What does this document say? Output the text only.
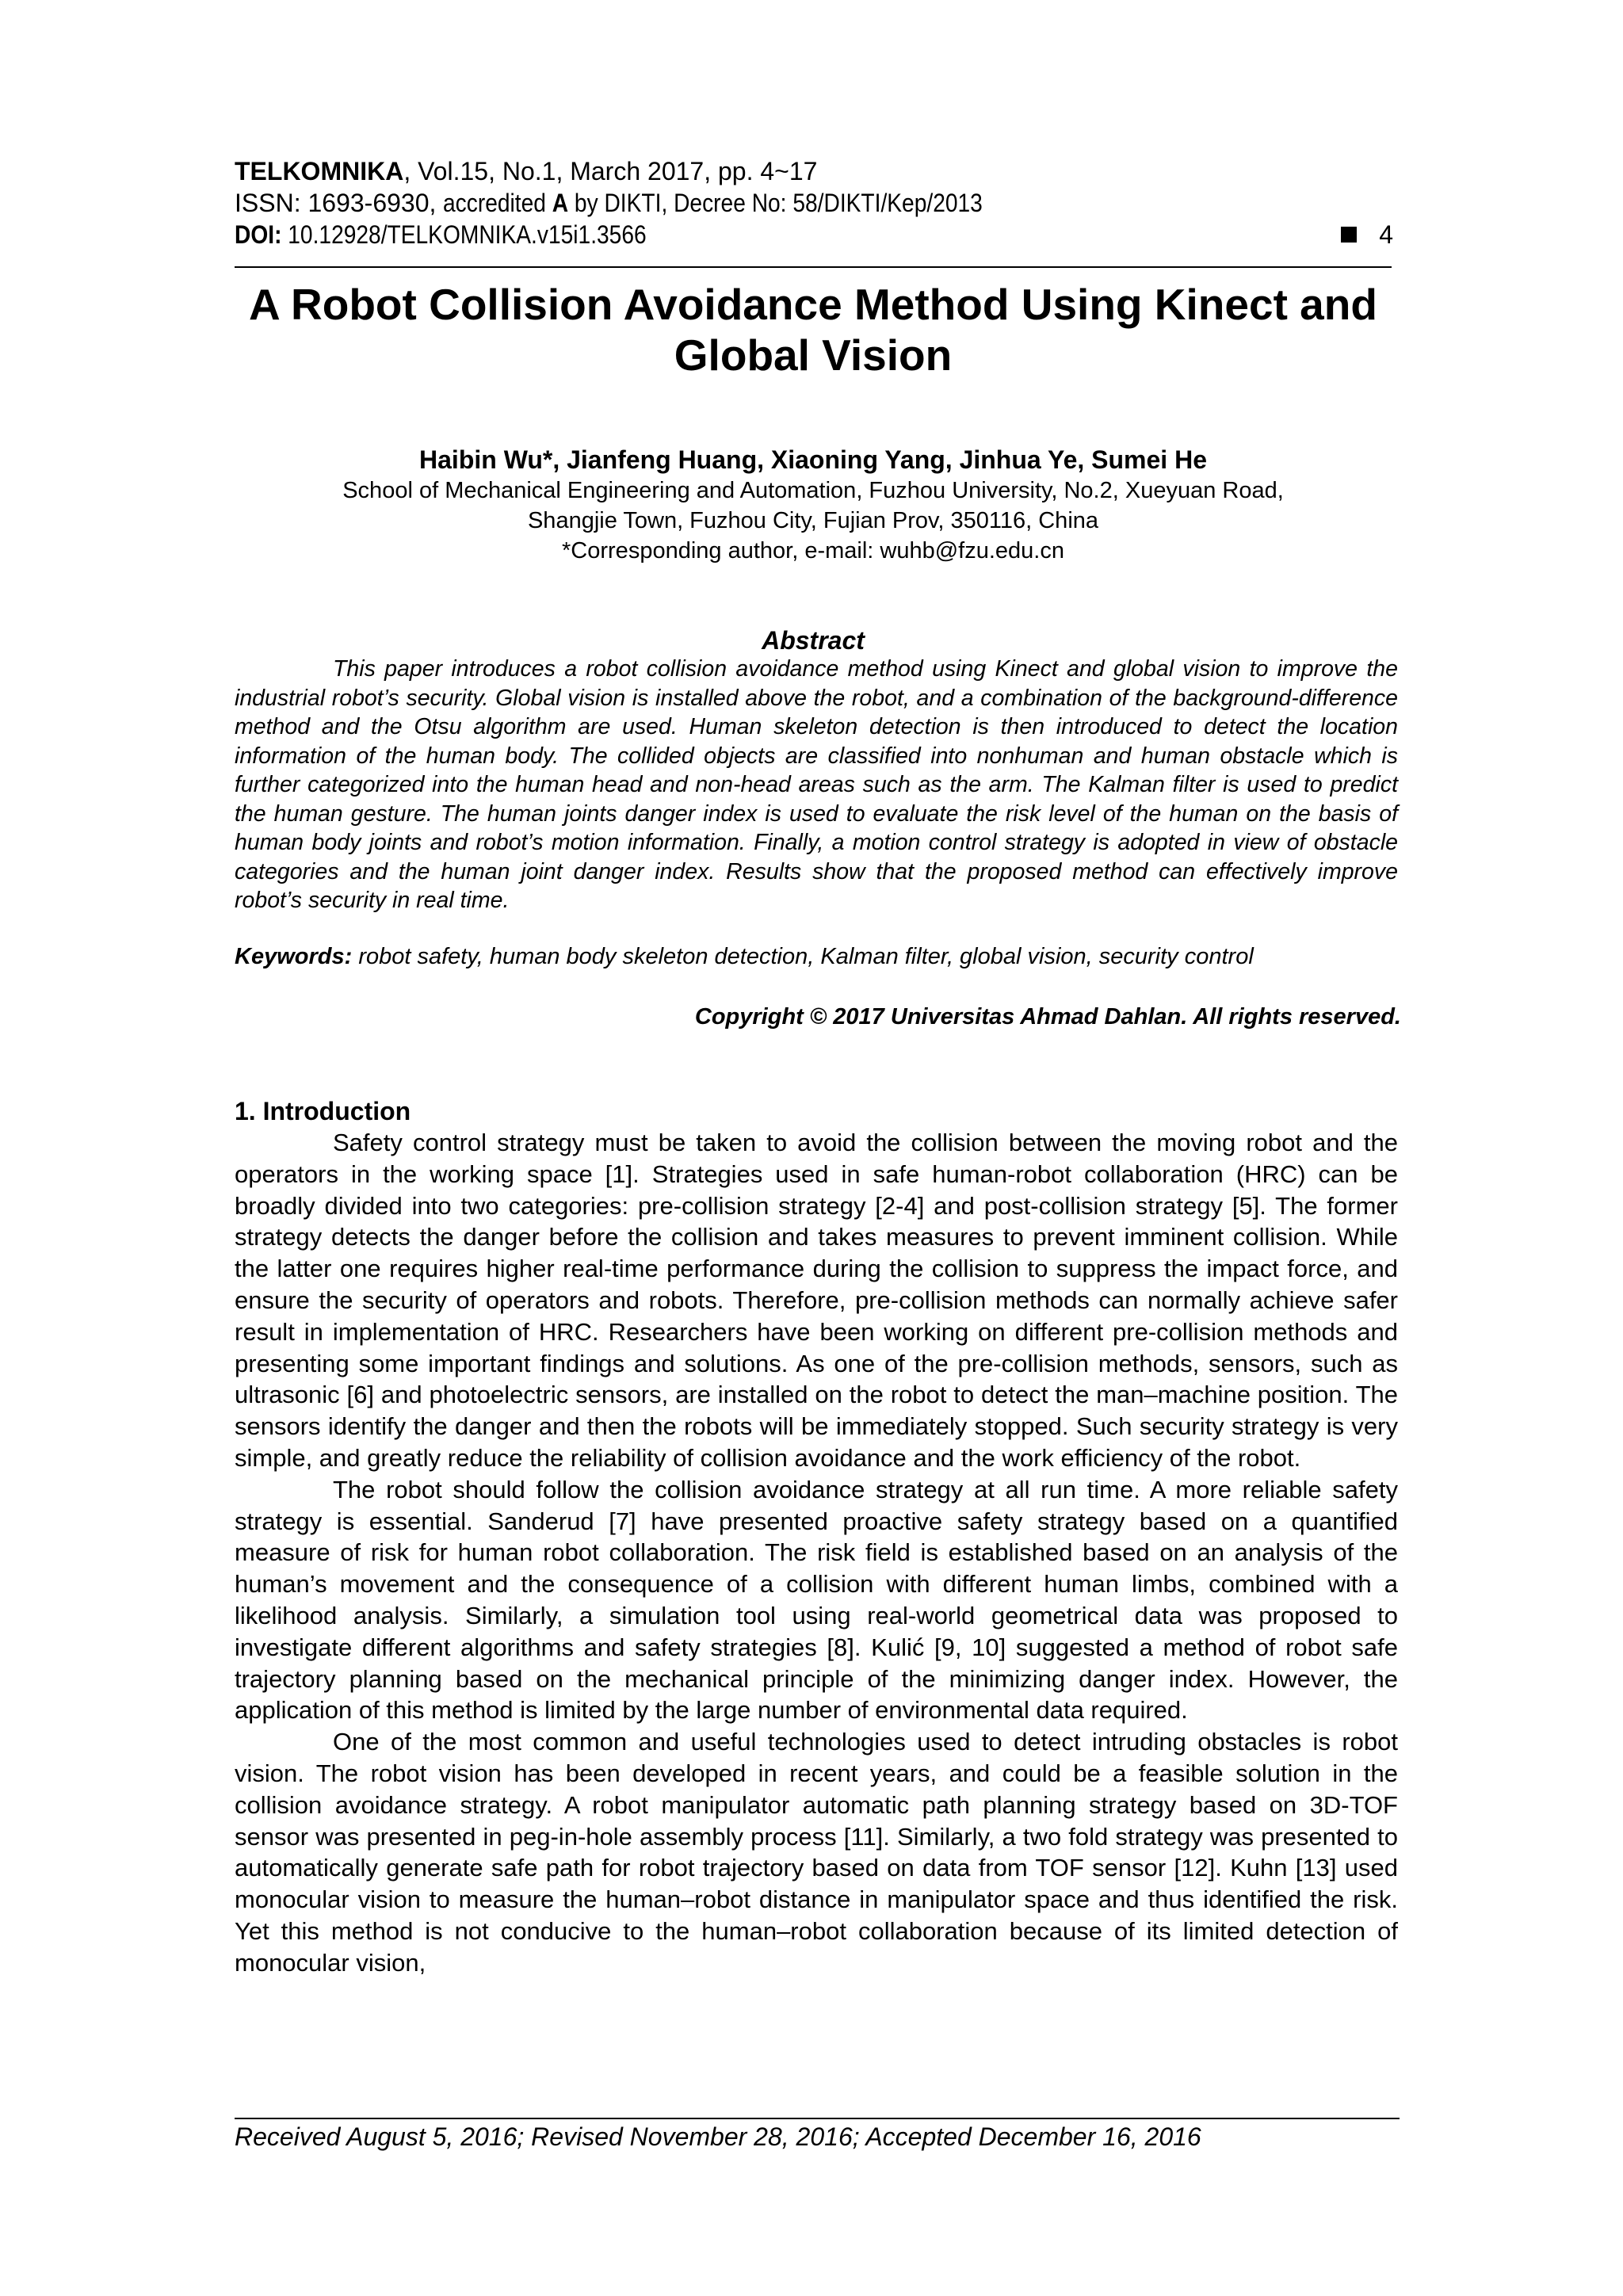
TELKOMNIKA, Vol.15, No.1, March 2017, pp. 4~17
ISSN: 1693-6930, accredited A by DIKTI, Decree No: 58/DIKTI/Kep/2013
DOI: 10.12928/TELKOMNIKA.v15i1.3566	4
A Robot Collision Avoidance Method Using Kinect and Global Vision
Haibin Wu*, Jianfeng Huang, Xiaoning Yang, Jinhua Ye, Sumei He
School of Mechanical Engineering and Automation, Fuzhou University, No.2, Xueyuan Road,
Shangjie Town, Fuzhou City, Fujian Prov, 350116, China
*Corresponding author, e-mail: wuhb@fzu.edu.cn
Abstract
This paper introduces a robot collision avoidance method using Kinect and global vision to improve the industrial robot’s security. Global vision is installed above the robot, and a combination of the background-difference method and the Otsu algorithm are used. Human skeleton detection is then introduced to detect the location information of the human body. The collided objects are classified into nonhuman and human obstacle which is further categorized into the human head and non-head areas such as the arm. The Kalman filter is used to predict the human gesture. The human joints danger index is used to evaluate the risk level of the human on the basis of human body joints and robot’s motion information. Finally, a motion control strategy is adopted in view of obstacle categories and the human joint danger index. Results show that the proposed method can effectively improve robot’s security in real time.
Keywords: robot safety, human body skeleton detection, Kalman filter, global vision, security control
Copyright © 2017 Universitas Ahmad Dahlan. All rights reserved.
1. Introduction

Safety control strategy must be taken to avoid the collision between the moving robot and the operators in the working space [1]. Strategies used in safe human-robot collaboration (HRC) can be broadly divided into two categories: pre-collision strategy [2-4] and post-collision strategy [5]. The former strategy detects the danger before the collision and takes measures to prevent imminent collision. While the latter one requires higher real-time performance during the collision to suppress the impact force, and ensure the security of operators and robots. Therefore, pre-collision methods can normally achieve safer result in implementation of HRC. Researchers have been working on different pre-collision methods and presenting some important findings and solutions. As one of the pre-collision methods, sensors, such as ultrasonic [6] and photoelectric sensors, are installed on the robot to detect the man–machine position. The sensors identify the danger and then the robots will be immediately stopped. Such security strategy is very simple, and greatly reduce the reliability of collision avoidance and the work efficiency of the robot.

The robot should follow the collision avoidance strategy at all run time. A more reliable safety strategy is essential. Sanderud [7] have presented proactive safety strategy based on a quantified measure of risk for human robot collaboration. The risk field is established based on an analysis of the human’s movement and the consequence of a collision with different human limbs, combined with a likelihood analysis. Similarly, a simulation tool using real-world geometrical data was proposed to investigate different algorithms and safety strategies [8]. Kulić [9, 10] suggested a method of robot safe trajectory planning based on the mechanical principle of the minimizing danger index. However, the application of this method is limited by the large number of environmental data required.

One of the most common and useful technologies used to detect intruding obstacles is robot vision. The robot vision has been developed in recent years, and could be a feasible solution in the collision avoidance strategy. A robot manipulator automatic path planning strategy based on 3D-TOF sensor was presented in peg-in-hole assembly process [11]. Similarly, a two fold strategy was presented to automatically generate safe path for robot trajectory based on data from TOF sensor [12]. Kuhn [13] used monocular vision to measure the human–robot distance in manipulator space and thus identified the risk. Yet this method is not conducive to the human–robot collaboration because of its limited detection of monocular vision,

Received August 5, 2016; Revised November 28, 2016; Accepted December 16, 2016
